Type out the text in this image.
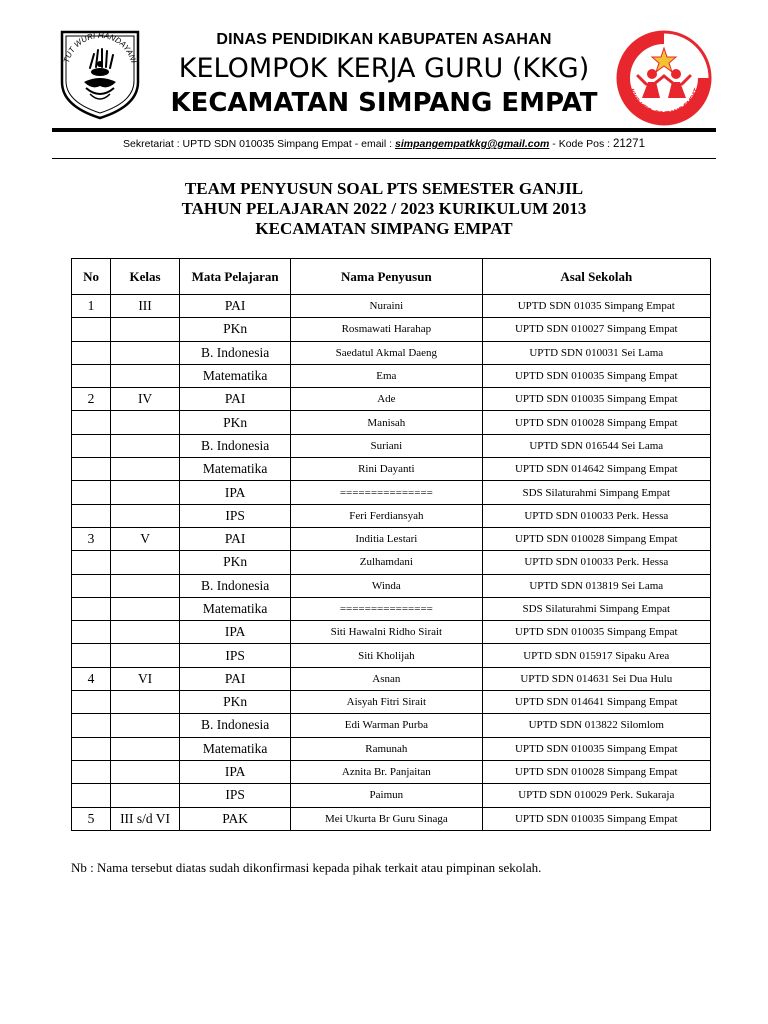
TUT WURI HANDAYANI
DINAS PENDIDIKAN KABUPATEN ASAHAN
KELOMPOK KERJA GURU (KKG)
KECAMATAN SIMPANG EMPAT	KKG KEC. SIMPANG EMPAT
Sekretariat : UPTD SDN 010035 Simpang Empat - email : simpangempatkkg@gmail.com - Kode Pos : 21271
TEAM PENYUSUN SOAL PTS SEMESTER GANJIL
TAHUN PELAJARAN 2022 / 2023 KURIKULUM 2013
KECAMATAN SIMPANG EMPAT
No	Kelas	Mata Pelajaran	Nama Penyusun	Asal Sekolah
1	III	PAI	Nuraini	UPTD SDN 01035 Simpang Empat
		PKn	Rosmawati Harahap	UPTD SDN 010027 Simpang Empat
		B. Indonesia	Saedatul Akmal Daeng	UPTD SDN 010031 Sei Lama
		Matematika	Ema	UPTD SDN 010035 Simpang Empat
2	IV	PAI	Ade	UPTD SDN 010035 Simpang Empat
		PKn	Manisah	UPTD SDN 010028 Simpang Empat
		B. Indonesia	Suriani	UPTD SDN 016544 Sei Lama
		Matematika	Rini Dayanti	UPTD SDN 014642 Simpang Empat
		IPA	===============	SDS Silaturahmi Simpang Empat
		IPS	Feri Ferdiansyah	UPTD SDN 010033 Perk. Hessa
3	V	PAI	Inditia Lestari	UPTD SDN 010028 Simpang Empat
		PKn	Zulhamdani	UPTD SDN 010033 Perk. Hessa
		B. Indonesia	Winda	UPTD SDN 013819 Sei Lama
		Matematika	===============	SDS Silaturahmi Simpang Empat
		IPA	Siti Hawalni Ridho Sirait	UPTD SDN 010035 Simpang Empat
		IPS	Siti Kholijah	UPTD SDN 015917 Sipaku Area
4	VI	PAI	Asnan	UPTD SDN 014631 Sei Dua Hulu
		PKn	Aisyah Fitri Sirait	UPTD SDN 014641 Simpang Empat
		B. Indonesia	Edi Warman Purba	UPTD SDN 013822 Silomlom
		Matematika	Ramunah	UPTD SDN 010035 Simpang Empat
		IPA	Aznita Br. Panjaitan	UPTD SDN 010028 Simpang Empat
		IPS	Paimun	UPTD SDN 010029 Perk. Sukaraja
5	III s/d VI	PAK	Mei Ukurta Br Guru Sinaga	UPTD SDN 010035 Simpang Empat
Nb : Nama tersebut diatas sudah dikonfirmasi kepada pihak terkait atau pimpinan sekolah.
